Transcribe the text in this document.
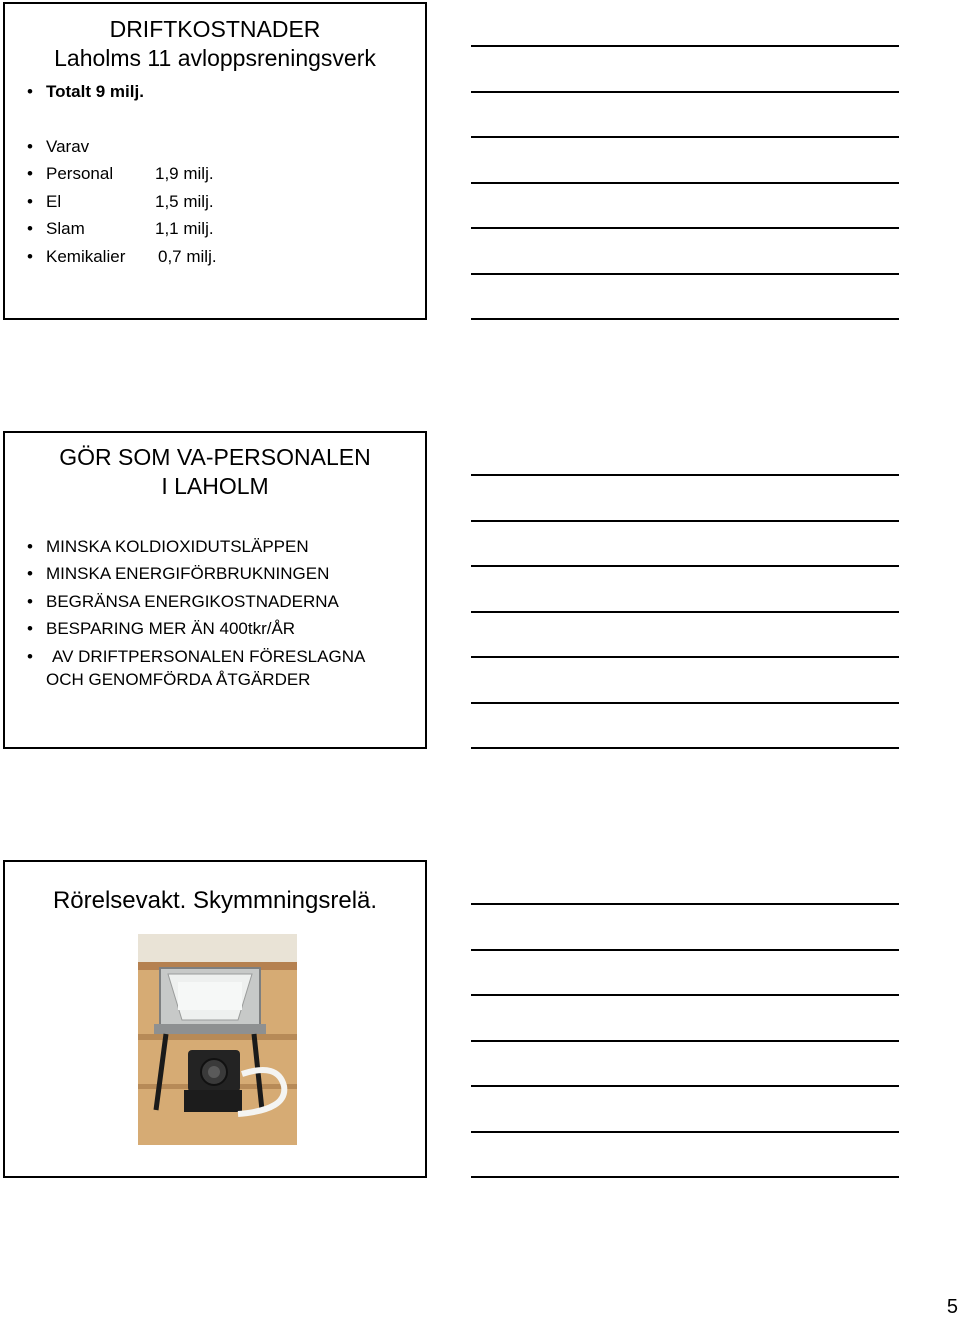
DRIFTKOSTNADER
Laholms 11 avloppsreningsverk
• Totalt 9 milj.
• Varav
• Personal 1,9 milj.
• El	1,5 milj.
• Slam	1,1 milj.
• Kemikalier 0,7 milj.
GÖR SOM VA-PERSONALEN
I LAHOLM
• MINSKA KOLDIOXIDUTSLÄPPEN
• MINSKA ENERGIFÖRBRUKNINGEN
• BEGRÄNSA ENERGIKOSTNADERNA
• BESPARING MER ÄN 400tkr/ÅR
• AV DRIFTPERSONALEN FÖRESLAGNA
OCH GENOMFÖRDA ÅTGÄRDER
Rörelsevakt. Skymmningsrelä.
5
